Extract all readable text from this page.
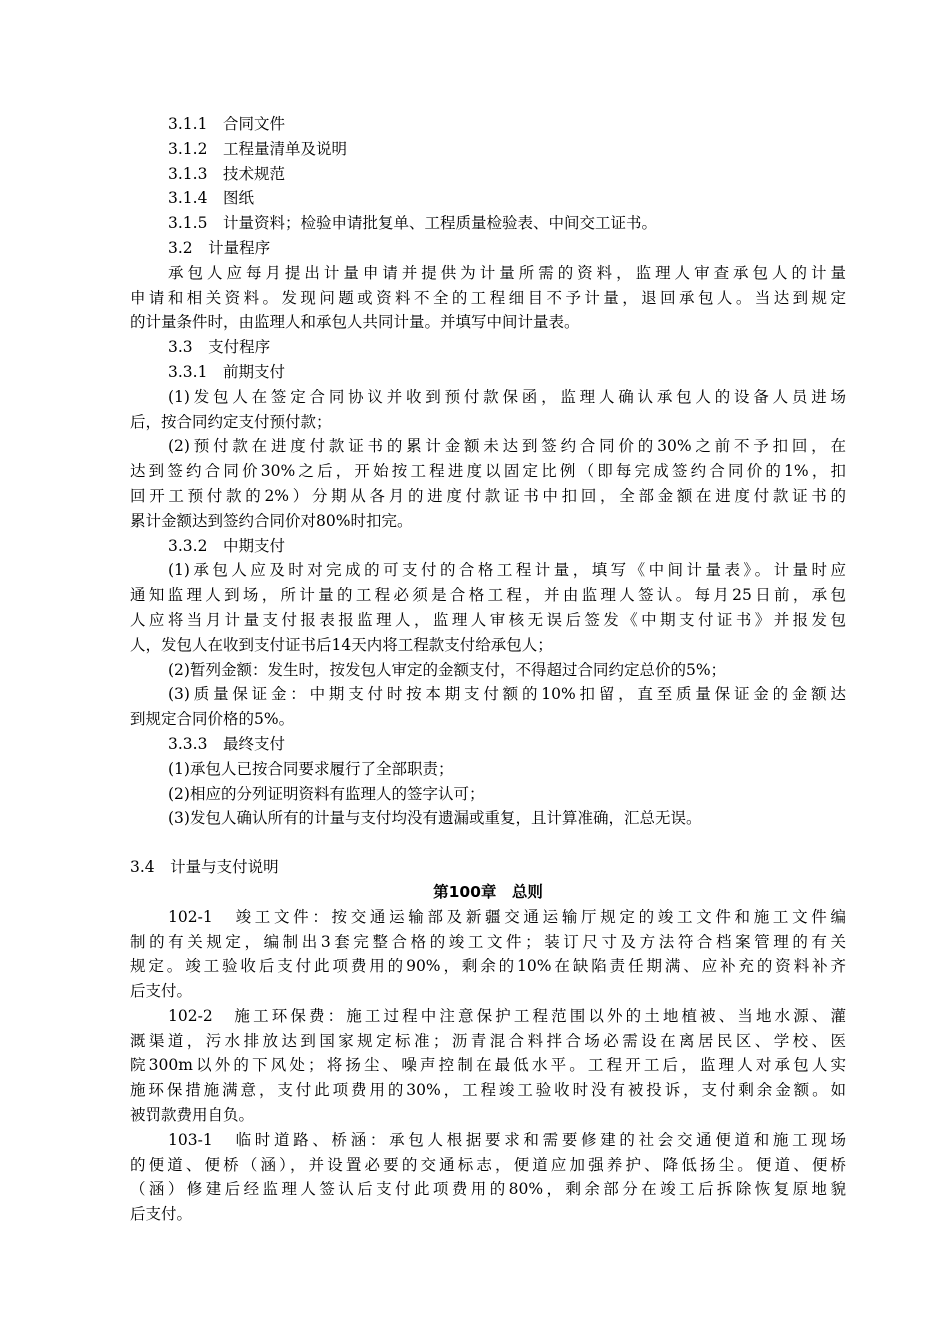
3.1.1　合同文件
3.1.2　工程量清单及说明
3.1.3　技术规范
3.1.4　图纸
3.1.5　计量资料；检验申请批复单、工程质量检验表、中间交工证书。
3.2　计量程序
承包人应每月提出计量申请并提供为计量所需的资料，监理人审查承包人的计量
申请和相关资料。发现问题或资料不全的工程细目不予计量，退回承包人。当达到规定
的计量条件时，由监理人和承包人共同计量。并填写中间计量表。
3.3　支付程序
3.3.1　前期支付
(1)发包人在签定合同协议并收到预付款保函，监理人确认承包人的设备人员进场
后，按合同约定支付预付款；
(2)预付款在进度付款证书的累计金额未达到签约合同价的30%之前不予扣回，在
达到签约合同价30%之后，开始按工程进度以固定比例（即每完成签约合同价的1%，扣
回开工预付款的2%）分期从各月的进度付款证书中扣回，全部金额在进度付款证书的
累计金额达到签约合同价对80%时扣完。
3.3.2　中期支付
(1)承包人应及时对完成的可支付的合格工程计量，填写《中间计量表》。计量时应
通知监理人到场，所计量的工程必须是合格工程，并由监理人签认。每月25日前，承包
人应将当月计量支付报表报监理人，监理人审核无误后签发《中期支付证书》并报发包
人，发包人在收到支付证书后14天内将工程款支付给承包人；
(2)暂列金额：发生时，按发包人审定的金额支付，不得超过合同约定总价的5%；
(3)质量保证金：中期支付时按本期支付额的10%扣留，直至质量保证金的金额达
到规定合同价格的5%。
3.3.3　最终支付
(1)承包人已按合同要求履行了全部职责；
(2)相应的分列证明资料有监理人的签字认可；
(3)发包人确认所有的计量与支付均没有遗漏或重复，且计算准确，汇总无误。
3.4　计量与支付说明
第100章　总则
102-1　竣工文件：按交通运输部及新疆交通运输厅规定的竣工文件和施工文件编
制的有关规定，编制出3套完整合格的竣工文件；装订尺寸及方法符合档案管理的有关
规定。竣工验收后支付此项费用的90%，剩余的10%在缺陷责任期满、应补充的资料补齐
后支付。
102-2　施工环保费：施工过程中注意保护工程范围以外的土地植被、当地水源、灌
溉渠道，污水排放达到国家规定标准；沥青混合料拌合场必需设在离居民区、学校、医
院300m以外的下风处；将扬尘、噪声控制在最低水平。工程开工后，监理人对承包人实
施环保措施满意，支付此项费用的30%，工程竣工验收时没有被投诉，支付剩余金额。如
被罚款费用自负。
103-1　临时道路、桥涵：承包人根据要求和需要修建的社会交通便道和施工现场
的便道、便桥（涵），并设置必要的交通标志，便道应加强养护、降低扬尘。便道、便桥
（涵）修建后经监理人签认后支付此项费用的80%，剩余部分在竣工后拆除恢复原地貌
后支付。
